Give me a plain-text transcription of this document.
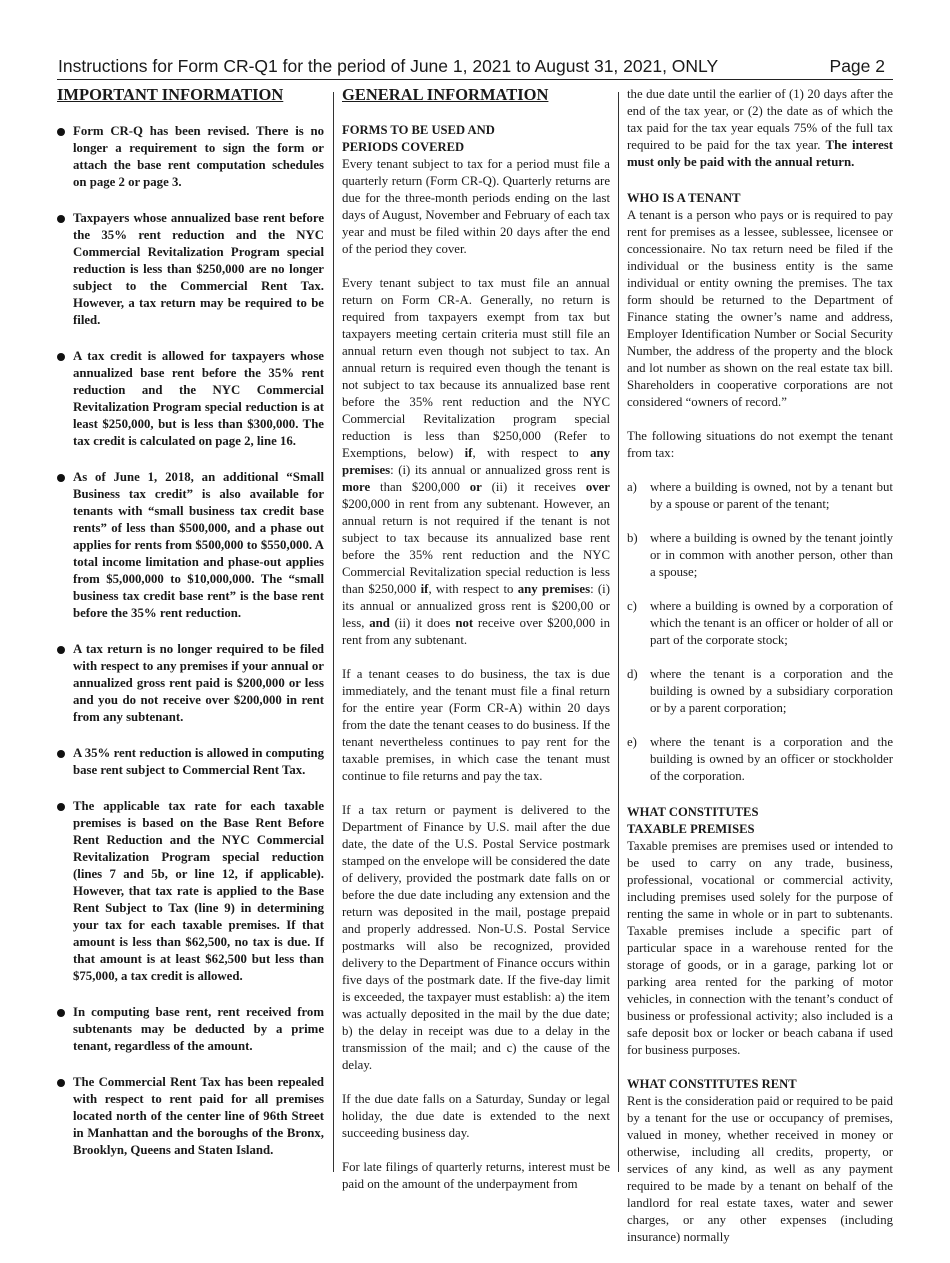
Instructions for Form CR-Q1 for the period of June 1, 2021 to August 31, 2021, ONLY	Page 2
IMPORTANT INFORMATION
Form CR-Q has been revised. There is no longer a requirement to sign the form or attach the base rent computation schedules on page 2 or page 3.
Taxpayers whose annualized base rent before the 35% rent reduction and the NYC Commercial Revitalization Program special reduction is less than $250,000 are no longer subject to the Commercial Rent Tax. However, a tax return may be required to be filed.
A tax credit is allowed for taxpayers whose annualized base rent before the 35% rent reduction and the NYC Commercial Revitalization Program special reduction is at least $250,000, but is less than $300,000. The tax credit is calculated on page 2, line 16.
As of June 1, 2018, an additional “Small Business tax credit” is also available for tenants with “small business tax credit base rents” of less than $500,000, and a phase out applies for rents from $500,000 to $550,000. A total income limitation and phase-out applies from $5,000,000 to $10,000,000. The “small business tax credit base rent” is the base rent before the 35% rent reduction.
A tax return is no longer required to be filed with respect to any premises if your annual or annualized gross rent paid is $200,000 or less and you do not receive over $200,000 in rent from any subtenant.
A 35% rent reduction is allowed in computing base rent subject to Commercial Rent Tax.
The applicable tax rate for each taxable premises is based on the Base Rent Before Rent Reduction and the NYC Commercial Revitalization Program special reduction (lines 7 and 5b, or line 12, if applicable). However, that tax rate is applied to the Base Rent Subject to Tax (line 9) in determining your tax for each taxable premises. If that amount is less than $62,500, no tax is due. If that amount is at least $62,500 but less than $75,000, a tax credit is allowed.
In computing base rent, rent received from subtenants may be deducted by a prime tenant, regardless of the amount.
The Commercial Rent Tax has been repealed with respect to rent paid for all premises located north of the center line of 96th Street in Manhattan and the boroughs of the Bronx, Brooklyn, Queens and Staten Island.
GENERAL INFORMATION
FORMS TO BE USED AND
PERIODS COVERED

Every tenant subject to tax for a period must file a quarterly return (Form CR-Q). Quarterly returns are due for the three-month periods ending on the last days of August, November and February of each tax year and must be filed within 20 days after the end of the period they cover.

Every tenant subject to tax must file an annual return on Form CR-A. Generally, no return is required from taxpayers exempt from tax but taxpayers meeting certain criteria must still file an annual return even though not subject to tax. An annual return is required even though the tenant is not subject to tax because its annualized base rent before the 35% rent reduction and the NYC Commercial Revitalization program special reduction is less than $250,000 (Refer to Exemptions, below) if, with respect to any premises: (i) its annual or annualized gross rent is more than $200,000 or (ii) it receives over $200,000 in rent from any subtenant. However, an annual return is not required if the tenant is not subject to tax because its annualized base rent before the 35% rent reduction and the NYC Commercial Revitalization special reduction is less than $250,000 if, with respect to any premises: (i) its annual or annualized gross rent is $200,00 or less, and (ii) it does not receive over $200,000 in rent from any subtenant.

If a tenant ceases to do business, the tax is due immediately, and the tenant must file a final return for the entire year (Form CR-A) within 20 days from the date the tenant ceases to do business. If the tenant nevertheless continues to pay rent for the taxable premises, in which case the tenant must continue to file returns and pay the tax.

If a tax return or payment is delivered to the Department of Finance by U.S. mail after the due date, the date of the U.S. Postal Service postmark stamped on the envelope will be considered the date of delivery, provided the postmark date falls on or before the due date including any extension and the return was deposited in the mail, postage prepaid and properly addressed. Non-U.S. Postal Service postmarks will also be recognized, provided delivery to the Department of Finance occurs within five days of the postmark date. If the five-day limit is exceeded, the taxpayer must establish: a) the item was actually deposited in the mail by the due date; b) the delay in receipt was due to a delay in the transmission of the mail; and c) the cause of the delay.

If the due date falls on a Saturday, Sunday or legal holiday, the due date is extended to the next succeeding business day.

For late filings of quarterly returns, interest must be paid on the amount of the underpayment from

the due date until the earlier of (1) 20 days after the end of the tax year, or (2) the date as of which the tax paid for the tax year equals 75% of the full tax required to be paid for the tax year. The interest must only be paid with the annual return.

WHO IS A TENANT

A tenant is a person who pays or is required to pay rent for premises as a lessee, sublessee, licensee or concessionaire. No tax return need be filed if the individual or the business entity is the same individual or entity owning the premises. The tax form should be returned to the Department of Finance stating the owner’s name and address, Employer Identification Number or Social Security Number, the address of the property and the block and lot number as shown on the real estate tax bill. Shareholders in cooperative corporations are not considered “owners of record.”

The following situations do not exempt the tenant from tax:

a) where a building is owned, not by a tenant but by a spouse or parent of the tenant;
b) where a building is owned by the tenant jointly or in common with another person, other than a spouse;
c) where a building is owned by a corporation of which the tenant is an officer or holder of all or part of the corporate stock;
d) where the tenant is a corporation and the building is owned by a subsidiary corporation or by a parent corporation;
e) where the tenant is a corporation and the building is owned by an officer or stockholder of the corporation.
WHAT CONSTITUTES
TAXABLE PREMISES

Taxable premises are premises used or intended to be used to carry on any trade, business, professional, vocational or commercial activity, including premises used solely for the purpose of renting the same in whole or in part to subtenants. Taxable premises include a specific part of particular space in a warehouse rented for the storage of goods, or in a garage, parking lot or parking area rented for the parking of motor vehicles, in connection with the tenant’s conduct of business or professional activity; also included is a safe deposit box or locker or beach cabana if used for business purposes.

WHAT CONSTITUTES RENT

Rent is the consideration paid or required to be paid by a tenant for the use or occupancy of premises, valued in money, whether received in money or otherwise, including all credits, property, or services of any kind, as well as any payment required to be made by a tenant on behalf of the landlord for real estate taxes, water and sewer charges, or any other expenses (including insurance) normally
